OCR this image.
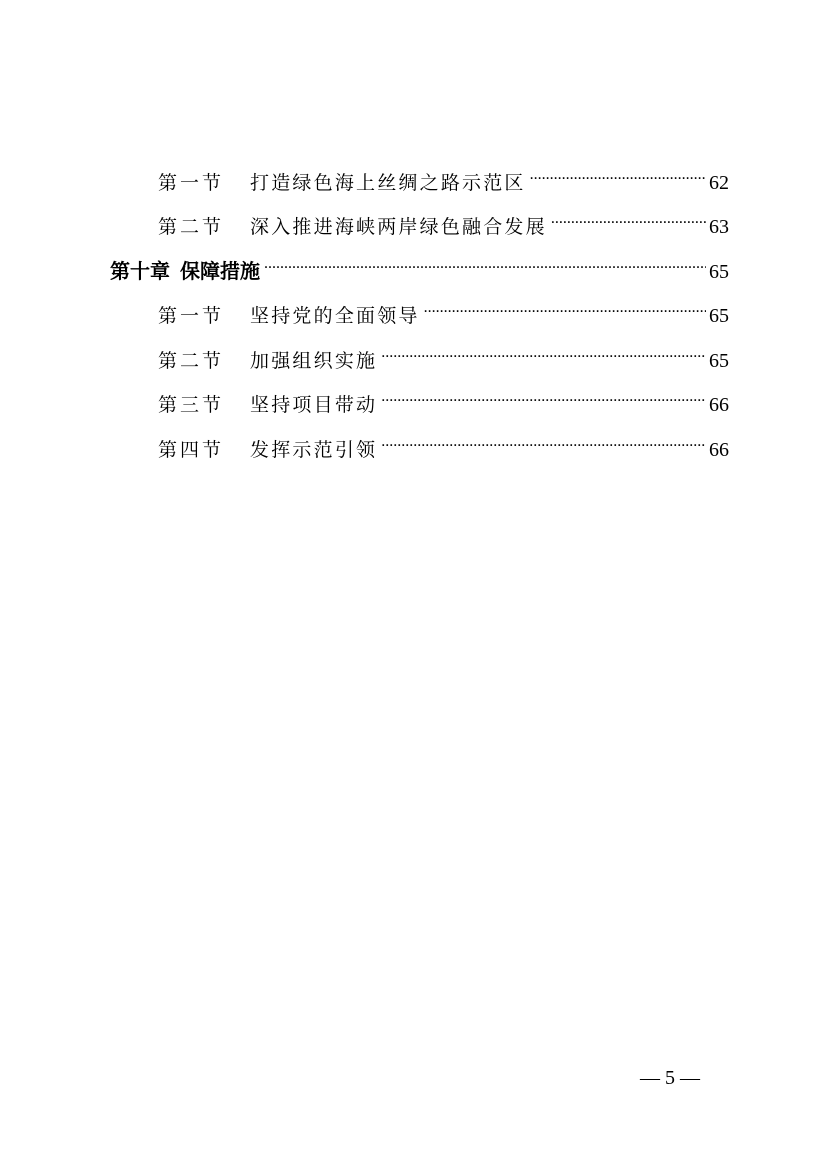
第一节 打造绿色海上丝绸之路示范区 .....	62
第二节 深入推进海峡两岸绿色融合发展 .....	63
第十章 保障措施 .....	65
第一节 坚持党的全面领导 .....	65
第二节 加强组织实施 .....	65
第三节 坚持项目带动 .....	66
第四节 发挥示范引领 .....	66
— 5 —
